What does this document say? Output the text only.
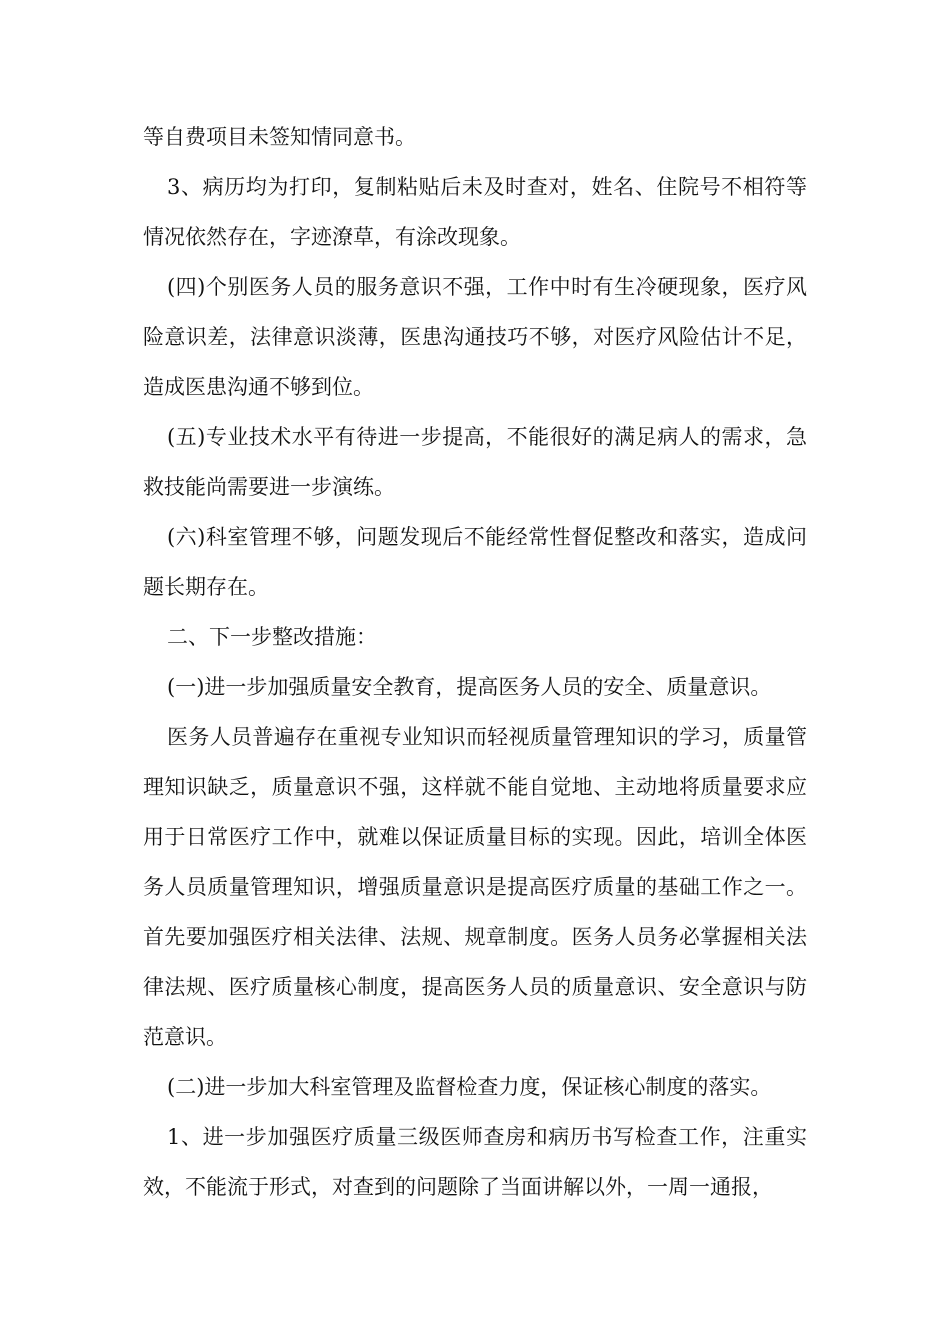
等自费项目未签知情同意书。

3、病历均为打印，复制粘贴后未及时查对，姓名、住院号不相符等情况依然存在，字迹潦草，有涂改现象。

(四)个别医务人员的服务意识不强，工作中时有生冷硬现象，医疗风险意识差，法律意识淡薄，医患沟通技巧不够，对医疗风险估计不足，造成医患沟通不够到位。

(五)专业技术水平有待进一步提高，不能很好的满足病人的需求，急救技能尚需要进一步演练。

(六)科室管理不够，问题发现后不能经常性督促整改和落实，造成问题长期存在。

二、下一步整改措施：

(一)进一步加强质量安全教育，提高医务人员的安全、质量意识。

医务人员普遍存在重视专业知识而轻视质量管理知识的学习，质量管理知识缺乏，质量意识不强，这样就不能自觉地、主动地将质量要求应用于日常医疗工作中，就难以保证质量目标的实现。因此，培训全体医务人员质量管理知识，增强质量意识是提高医疗质量的基础工作之一。首先要加强医疗相关法律、法规、规章制度。医务人员务必掌握相关法律法规、医疗质量核心制度，提高医务人员的质量意识、安全意识与防范意识。

(二)进一步加大科室管理及监督检查力度，保证核心制度的落实。

1、进一步加强医疗质量三级医师查房和病历书写检查工作，注重实效，不能流于形式，对查到的问题除了当面讲解以外，一周一通报，
